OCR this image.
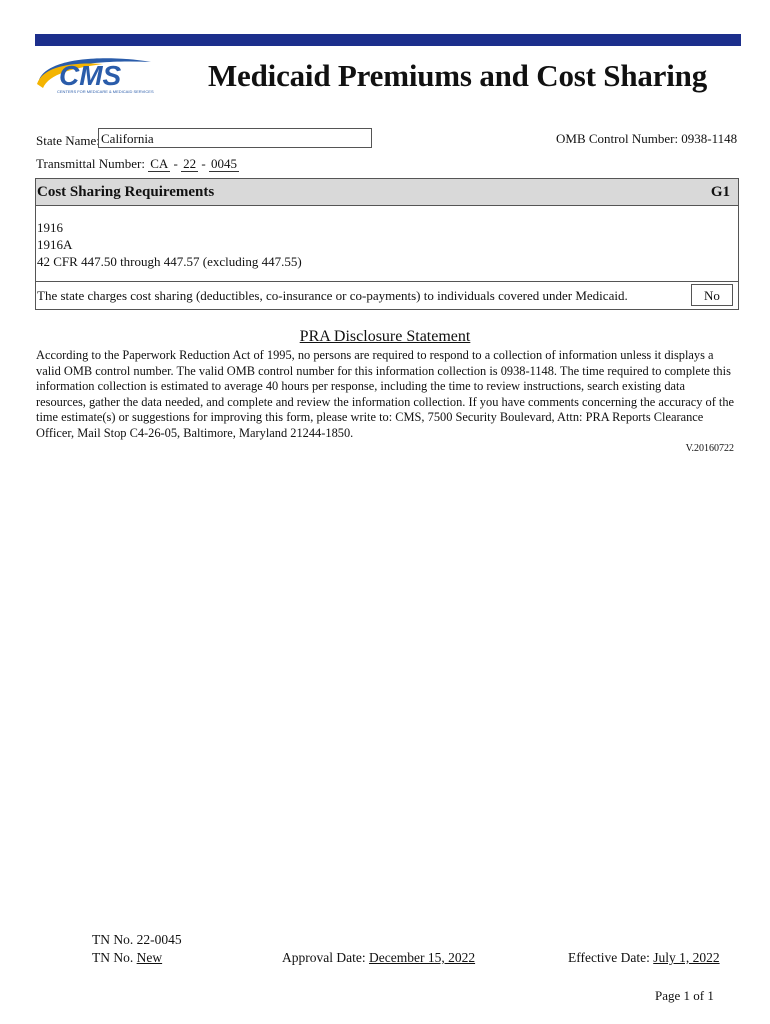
CMS
CENTERS FOR MEDICARE & MEDICAID SERVICES Medicaid Premiums and Cost Sharing
State Name: California	OMB Control Number: 0938-1148
Transmittal Number: CA - 22 - 0045
Cost Sharing Requirements	G1
1916
1916A
42 CFR 447.50 through 447.57 (excluding 447.55)
The state charges cost sharing (deductibles, co-insurance or co-payments) to individuals covered under Medicaid.	No
PRA Disclosure Statement
According to the Paperwork Reduction Act of 1995, no persons are required to respond to a collection of information unless it displays a valid OMB control number. The valid OMB control number for this information collection is 0938-1148. The time required to complete this information collection is estimated to average 40 hours per response, including the time to review instructions, search existing data resources, gather the data needed, and complete and review the information collection. If you have comments concerning the accuracy of the time estimate(s) or suggestions for improving this form, please write to: CMS, 7500 Security Boulevard, Attn: PRA Reports Clearance Officer, Mail Stop C4-26-05, Baltimore, Maryland 21244-1850.
V.20160722
TN No. 22-0045
TN No. New	Approval Date: December 15, 2022	Effective Date: July 1, 2022
Page 1 of 1
